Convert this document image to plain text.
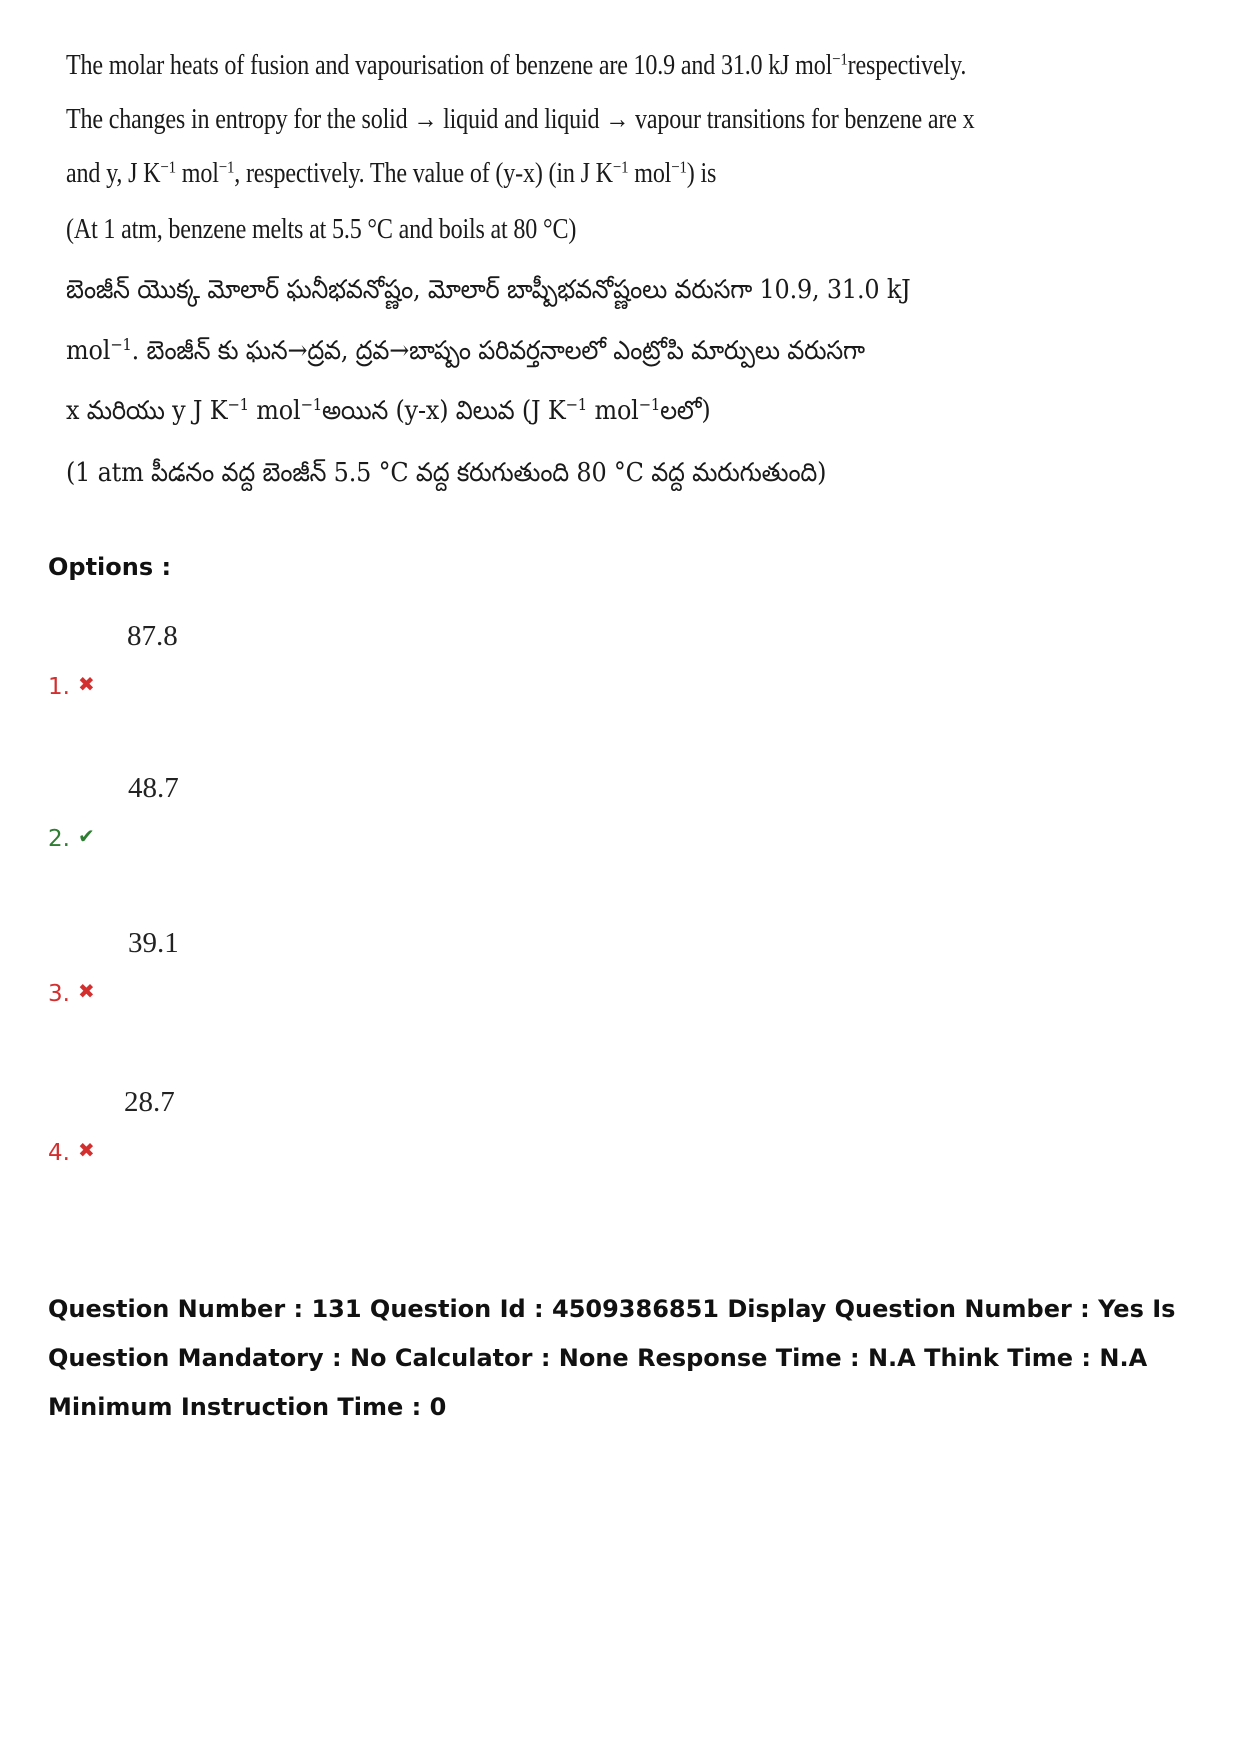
The molar heats of fusion and vapourisation of benzene are 10.9 and 31.0 kJ mol$^{-1}$respectively.
The changes in entropy for the solid → liquid and liquid → vapour transitions for benzene are x
and y, J $K^{-1}$ mol$^{-1}$, respectively. The value of (y-x) (in J $K^{-1}$ mol$^{-1}$) is
(At 1 atm, benzene melts at 5.5 °C and boils at 80 °C)
బెంజీన్ యొక్క మోలార్ ఘనీభవనోష్ణం, మోలార్ బాష్పీభవనోష్ణంలు వరుసగా 10.9, 31.0 kJ
mol$^{-1}$. బెంజీన్ కు ఘన→ద్రవ, ద్రవ→బాష్పం పరివర్తనాలలో ఎంట్రోపి మార్పులు వరుసగా
x మరియు y J $K^{-1}$ mol$^{-1}$అయిన (y-x) విలువ (J $K^{-1}$ mol$^{-1}$లలో)
(1 atm పీడనం వద్ద బెంజీన్ 5.5 °C వద్ద కరుగుతుంది 80 °C వద్ద మరుగుతుంది)
Options :
1. ✖
87.8
2. ✔
48.7
3. ✖
39.1
4. ✖
28.7
Question Number : 131 Question Id : 4509386851 Display Question Number : Yes Is Question Mandatory : No Calculator : None Response Time : N.A Think Time : N.A Minimum Instruction Time : 0
